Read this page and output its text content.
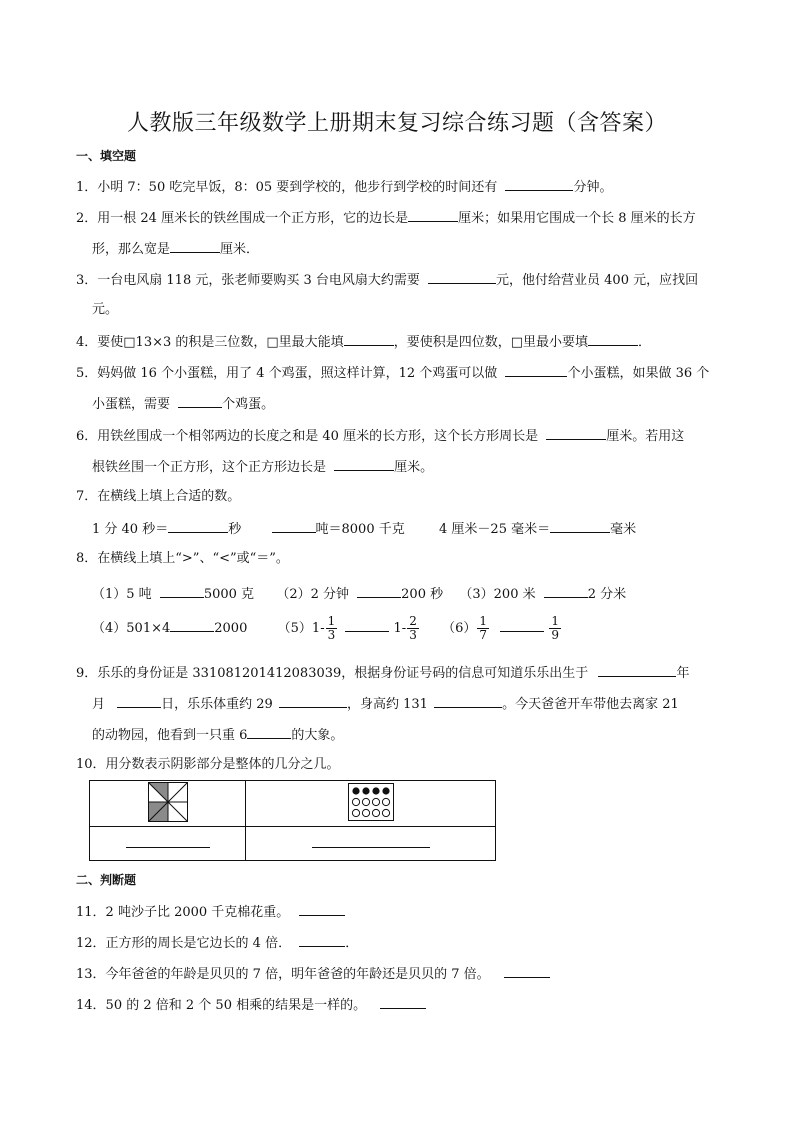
人教版三年级数学上册期末复习综合练习题（含答案）
一、填空题
1．小明 7：50 吃完早饭，8：05 要到学校的，他步行到学校的时间还有	分钟。
2．用一根 24 厘米长的铁丝围成一个正方形，它的边长是	厘米；如果用它围成一个长 8 厘米的长方
形，那么宽是	厘米．
3．一台电风扇 118 元，张老师要购买 3 台电风扇大约需要	元，他付给营业员 400 元，应找回
元。
4．要使□13×3 的积是三位数，□里最大能填	，要使积是四位数，□里最小要填	．
5．妈妈做 16 个小蛋糕，用了 4 个鸡蛋，照这样计算，12 个鸡蛋可以做	个小蛋糕，如果做 36 个
小蛋糕，需要	个鸡蛋。
6．用铁丝围成一个相邻两边的长度之和是 40 厘米的长方形，这个长方形周长是	厘米。若用这
根铁丝围一个正方形，这个正方形边长是	厘米。
7．在横线上填上合适的数。
1 分 40 秒＝	秒	吨＝8000 千克	4 厘米－25 毫米＝	毫米
8．在横线上填上“>”、“<”或“＝”。
（1）5 吨	5000 克 （2）2 分钟	200 秒 （3）200 米	2 分米
（4）501×4	2000 （5）1‑ $\frac{1}{3}$	1‑ $\frac{2}{3} (6) \frac{1}{7}$
	$\frac{1}{9}$
9．乐乐的身份证是 331081201412083039，根据身份证号码的信息可知道乐乐出生于	年
月	日，乐乐体重约 29	，身高约 131	。今天爸爸开车带他去离家 21
的动物园，他看到一只重 6	的大象。
10．用分数表示阴影部分是整体的几分之几。

二、判断题
11．2 吨沙子比 2000 千克棉花重。
12．正方形的周长是它边长的 4 倍．	．
13．今年爸爸的年龄是贝贝的 7 倍，明年爸爸的年龄还是贝贝的 7 倍。
14．50 的 2 倍和 2 个 50 相乘的结果是一样的。
